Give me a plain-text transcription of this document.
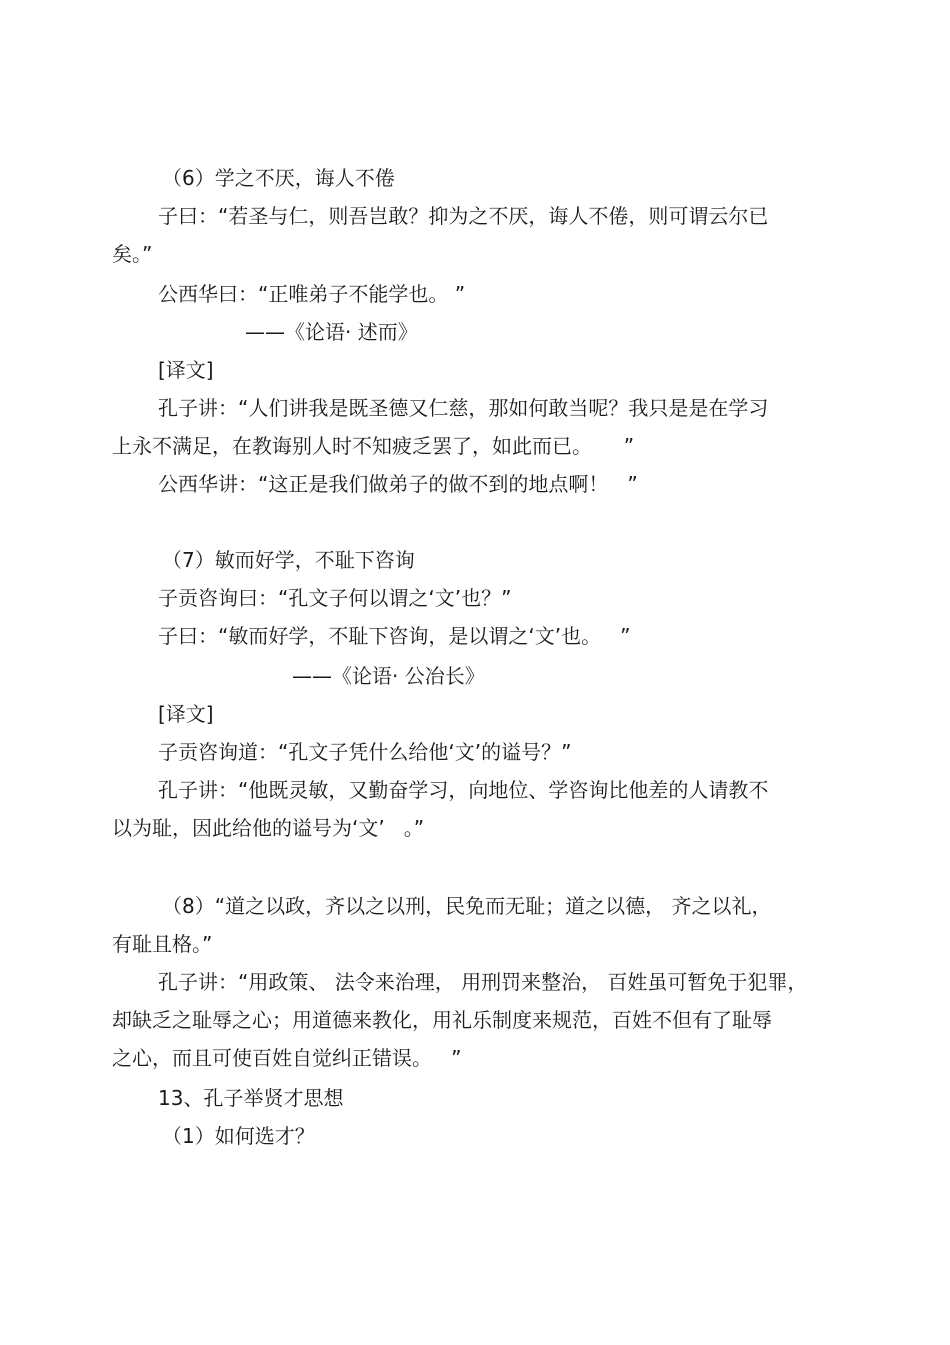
（6）学之不厌，诲人不倦
子曰：“若圣与仁，则吾岂敢？抑为之不厌，诲人不倦，则可谓云尔已
矣。”
公西华曰：“正唯弟子不能学也。 ”
——《论语· 述而》
[译文]
孔子讲：“人们讲我是既圣德又仁慈，那如何敢当呢？我只是是在学习
上永不满足，在教诲别人时不知疲乏罢了，如此而已。     ”
公西华讲：“这正是我们做弟子的做不到的地点啊！   ”
（7）敏而好学，不耻下咨询
子贡咨询曰：“孔文子何以谓之‘文’也？”
子曰：“敏而好学，不耻下咨询，是以谓之‘文’也。   ”
——《论语· 公冶长》
[译文]
子贡咨询道：“孔文子凭什么给他‘文’的谥号？”
孔子讲：“他既灵敏，又勤奋学习，向地位、学咨询比他差的人请教不
以为耻，因此给他的谥号为‘文’   。”
（8）“道之以政，齐以之以刑，民免而无耻；道之以德， 齐之以礼，
有耻且格。”
孔子讲：“用政策、 法令来治理， 用刑罚来整治， 百姓虽可暂免于犯罪，
却缺乏之耻辱之心；用道德来教化，用礼乐制度来规范，百姓不但有了耻辱
之心，而且可使百姓自觉纠正错误。   ”
13、孔子举贤才思想
（1）如何选才？
